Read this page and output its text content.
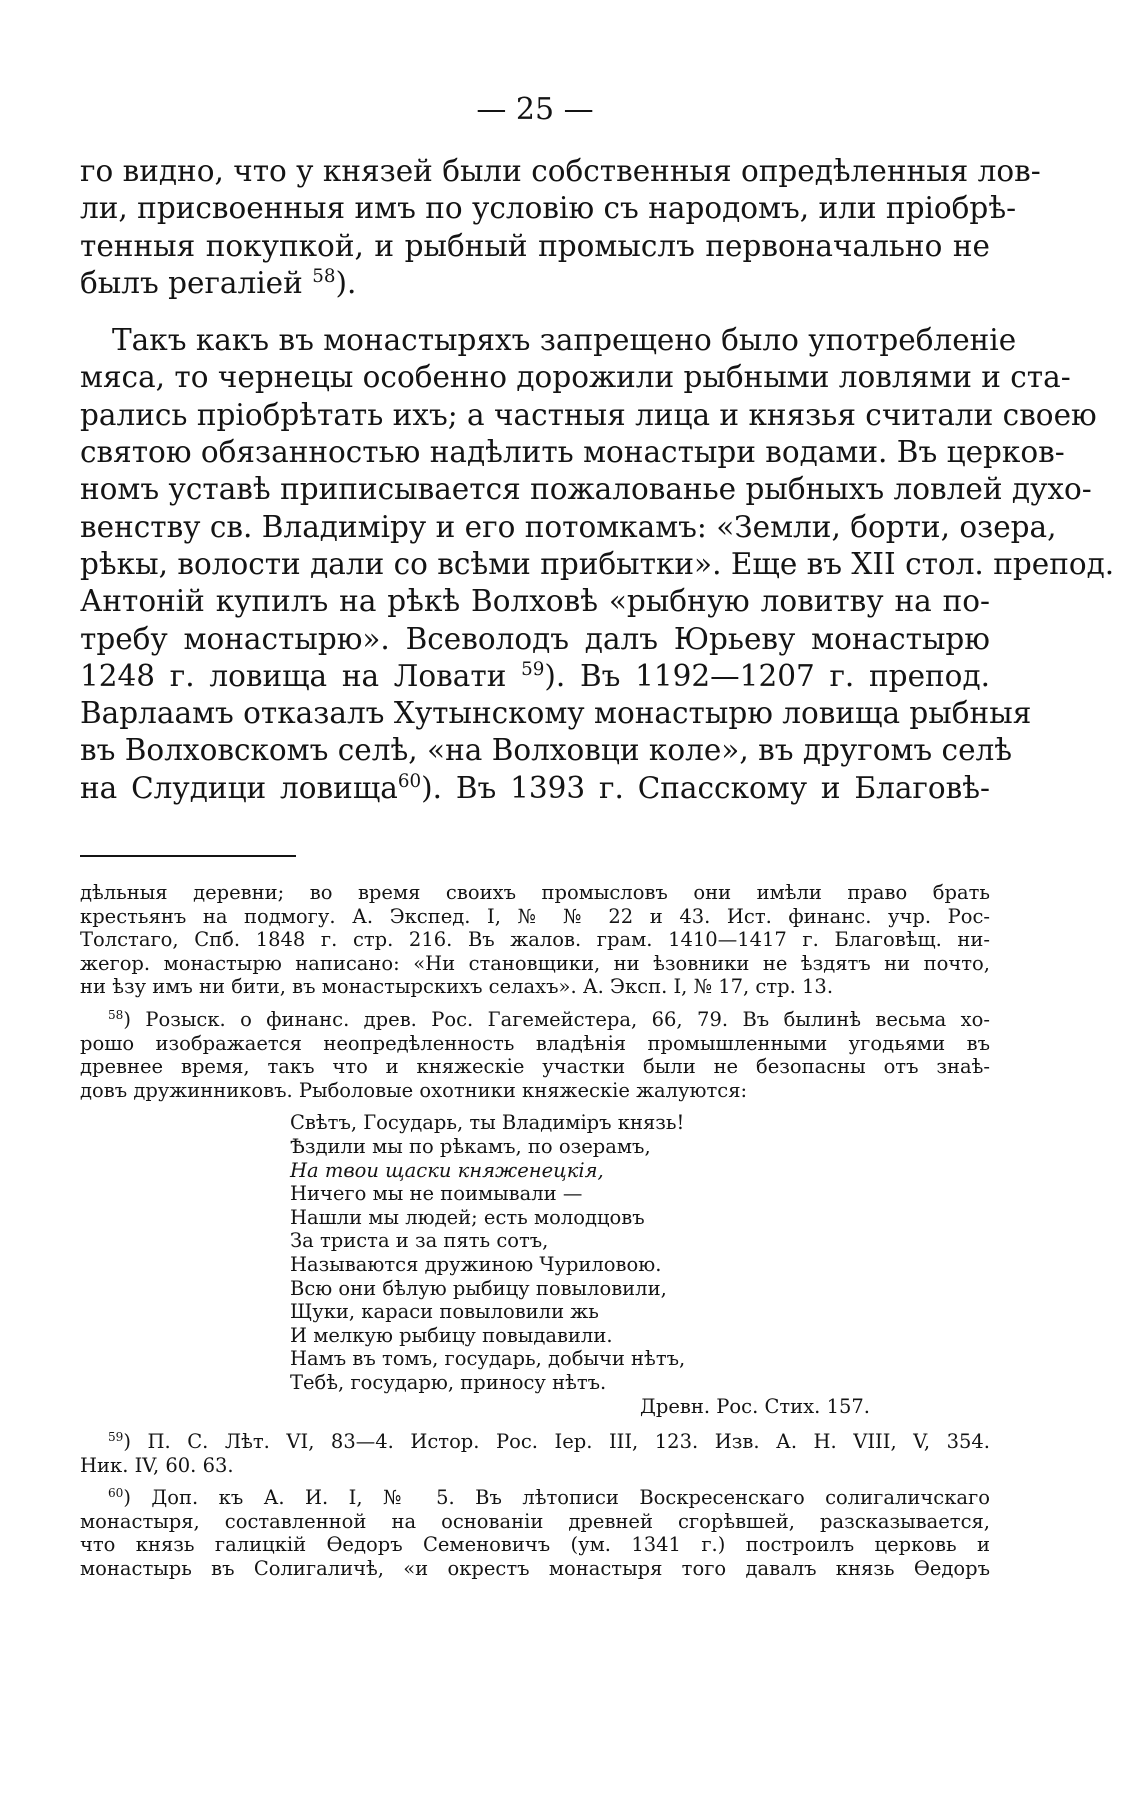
— 25 —
го видно, что у князей были собственныя опредѣленныя лов-
ли, присвоенныя имъ по условію съ народомъ, или пріобрѣ-
тенныя покупкой, и рыбный промыслъ первоначально не
былъ регаліей $^{58}$).
Такъ какъ въ монастыряхъ запрещено было употребленіе
мяса, то чернецы особенно дорожили рыбными ловлями и ста-
рались пріобрѣтать ихъ; а частныя лица и князья считали своею
святою обязанностью надѣлить монастыри водами. Въ церков-
номъ уставѣ приписывается пожалованье рыбныхъ ловлей духо-
венству св. Владиміру и его потомкамъ: «Земли, борти, озера,
рѣкы, волости дали со всѣми прибытки». Еще въ XII стол. препод.
Антоній купилъ на рѣкѣ Волховѣ «рыбную ловитву на по-
требу монастырю». Всеволодъ далъ Юрьеву монастырю
1248 г. ловища на Ловати $^{59}$). Въ 1192—1207 г. препод.
Варлаамъ отказалъ Хутынскому монастырю ловища рыбныя
въ Волховскомъ селѣ, «на Волховци коле», въ другомъ селѣ
на Слудици ловища$^{60}$). Въ 1393 г. Спасскому и Благовѣ-
дѣльныя деревни; во время своихъ промысловъ они имѣли право брать
крестьянъ на подмогу. А. Экспед. I, № № 22 и 43. Ист. финанс. учр. Рос-
Толстаго, Спб. 1848 г. стр. 216. Въ жалов. грам. 1410—1417 г. Благовѣщ. ни-
жегор. монастырю написано: «Ни становщики, ни ѣзовники не ѣздятъ ни почто,
ни ѣзу имъ ни бити, въ монастырскихъ селахъ». А. Эксп. I, № 17, стр. 13.
$^{58}$) Розыск. о финанс. древ. Рос. Гагемейстера, 66, 79. Въ былинѣ весьма хо-
рошо изображается неопредѣленность владѣнія промышленными угодьями въ
древнее время, такъ что и княжескіе участки были не безопасны отъ знаѣ-
довъ дружинниковъ. Рыболовые охотники княжескіе жалуются:
Свѣтъ, Государь, ты Владиміръ князь!
Ѣздили мы по рѣкамъ, по озерамъ,
На твои щаски княженецкія,
Ничего мы не поимывали —
Нашли мы людей; есть молодцовъ
За триста и за пять сотъ,
Называются дружиною Чуриловою.
Всю они бѣлую рыбицу повыловили,
Щуки, караси повыловили жь
И мелкую рыбицу повыдавили.
Намъ въ томъ, государь, добычи нѣтъ,
Тебѣ, государю, приносу нѣтъ.
Древн. Рос. Стих. 157.
$^{59}$) П. С. Лѣт. VI, 83—4. Истор. Рос. Іер. III, 123. Изв. А. Н. VIII, V, 354.
Ник. IV, 60. 63.
$^{60}$) Доп. къ А. И. I, № 5. Въ лѣтописи Воскресенскаго солигаличскаго
монастыря, составленной на основаніи древней сгорѣвшей, разсказывается,
что князь галицкій Ѳедоръ Семеновичъ (ум. 1341 г.) построилъ церковь и
монастырь въ Солигаличѣ, «и окрестъ монастыря того давалъ князь Ѳедоръ
